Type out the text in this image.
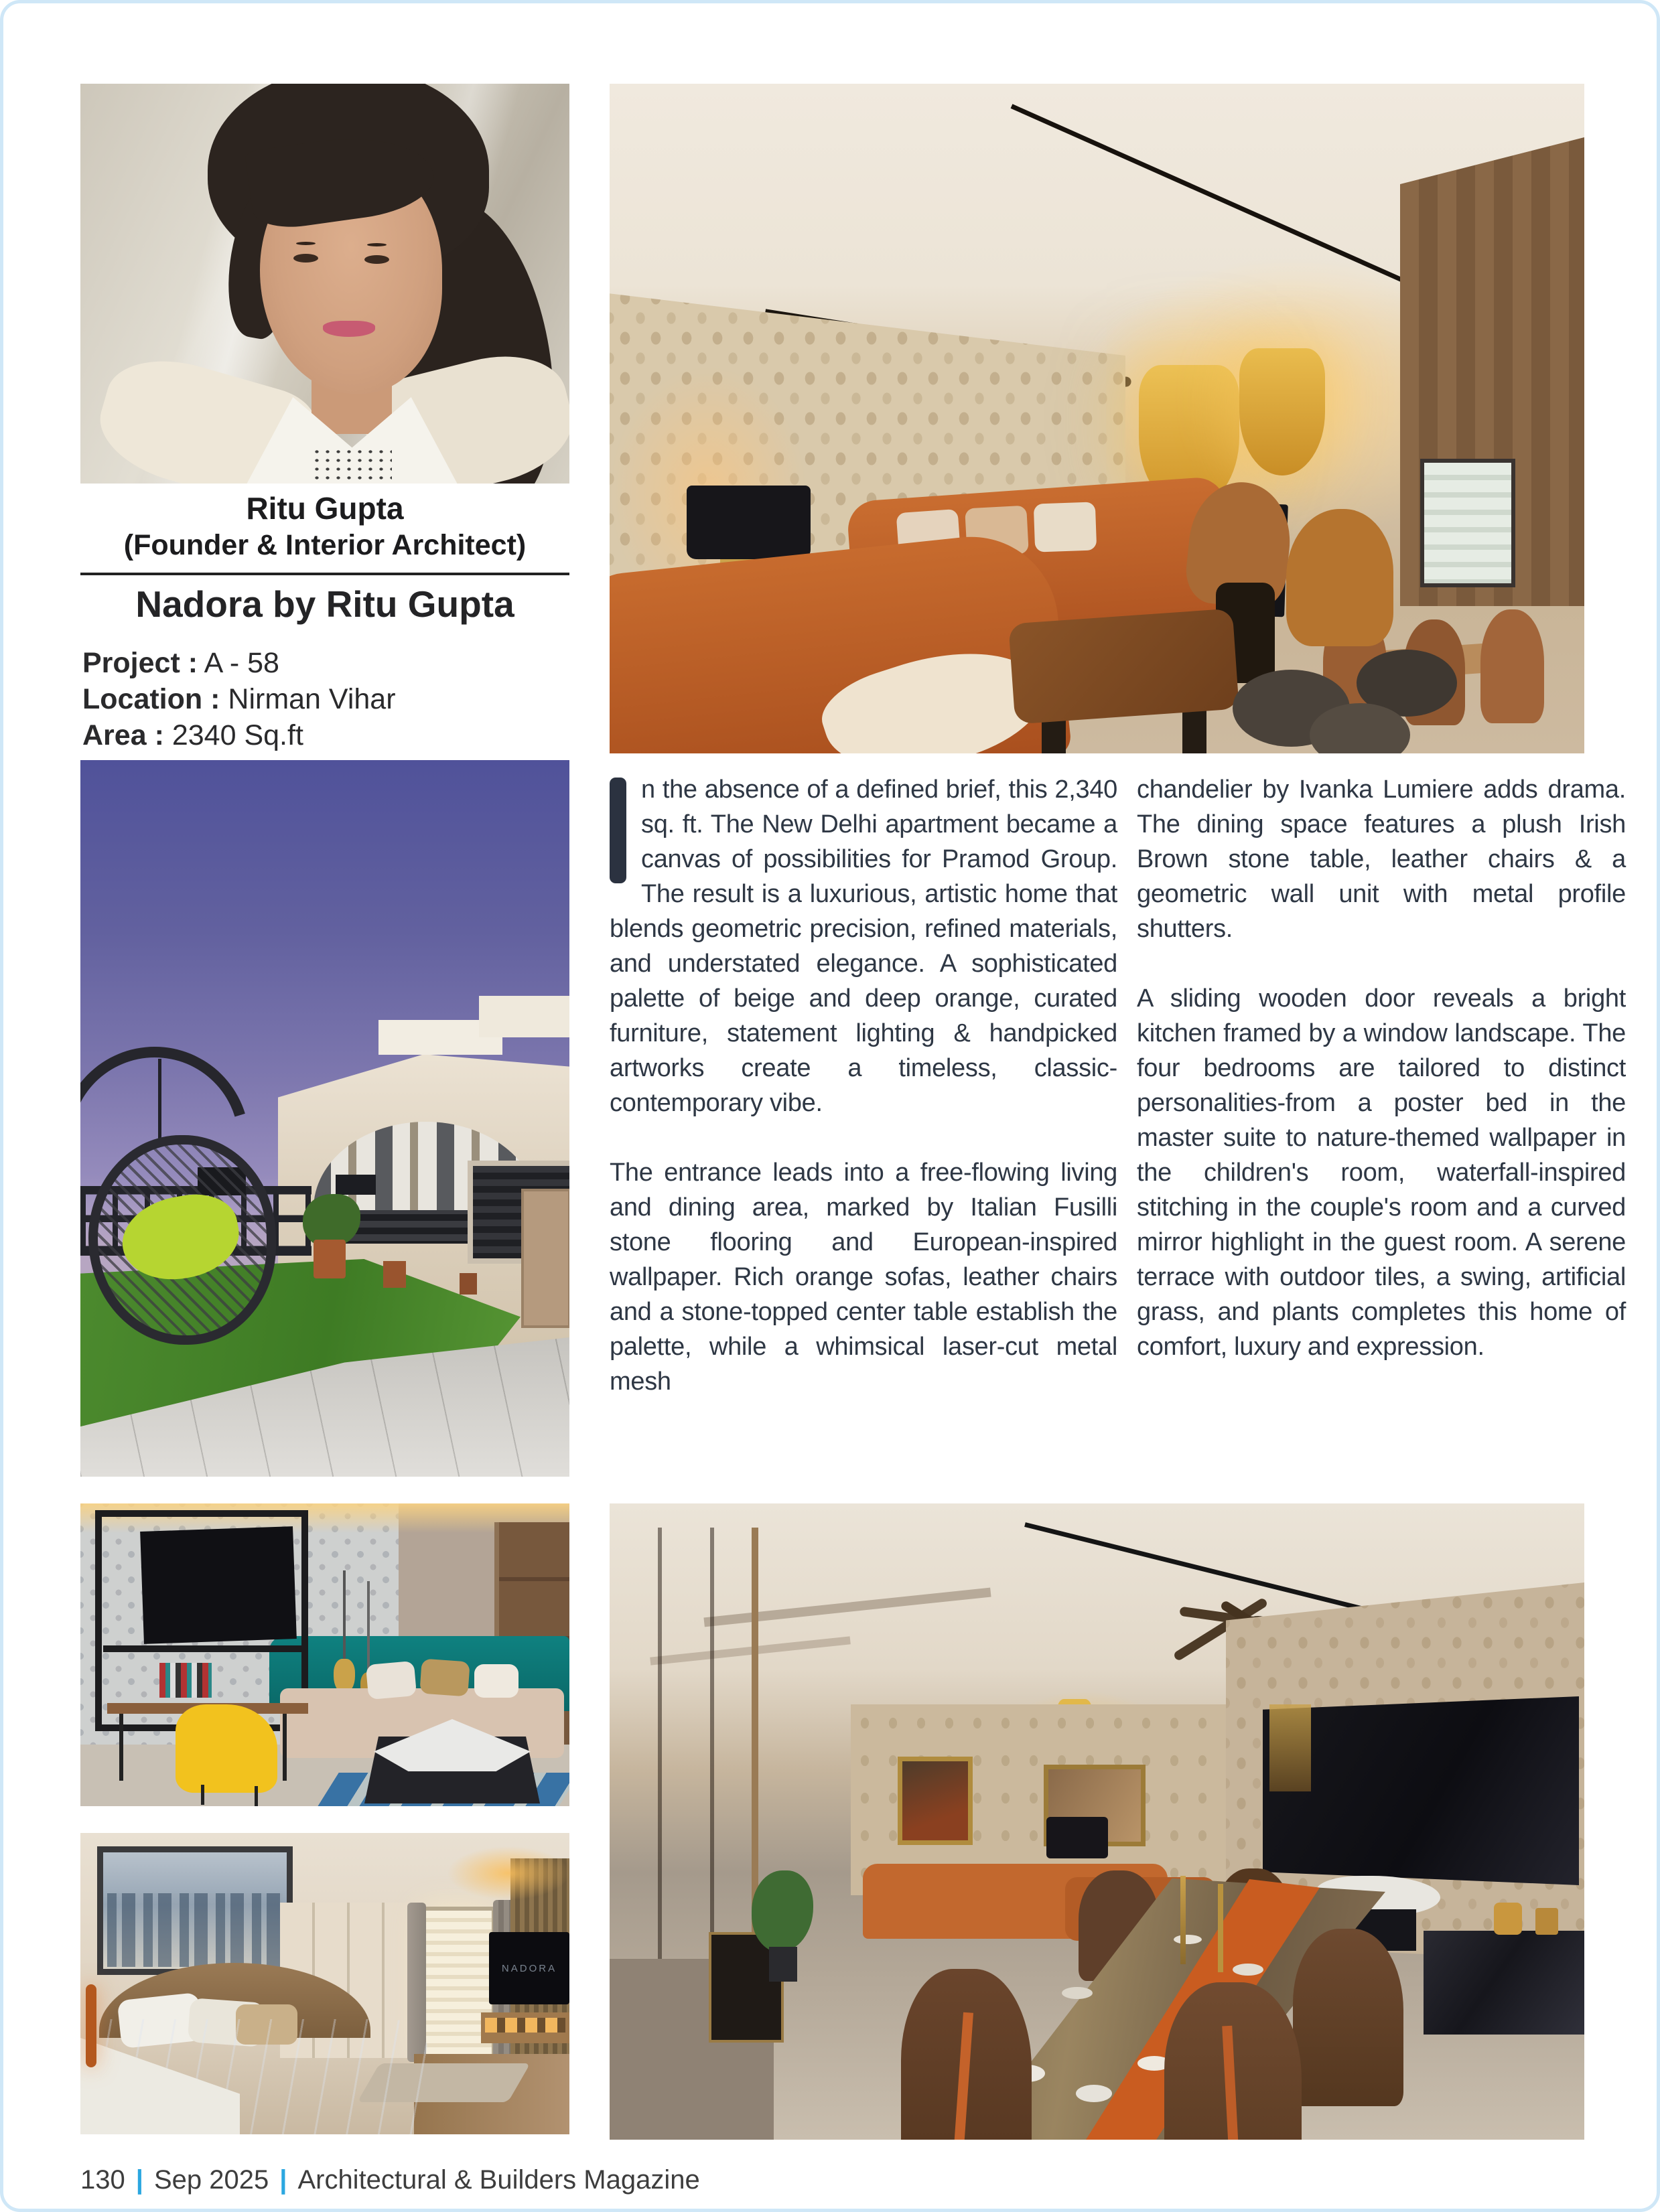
Ritu Gupta
(Founder & Interior Architect)
Nadora by Ritu Gupta
Project : A - 58
Location : Nirman Vihar
Area : 2340 Sq.ft

n the absence of a defined brief, this 2,340 sq. ft. The New Delhi apartment became a canvas of possibilities for Pramod Group. The result is a luxurious, artistic home that blends geometric precision, refined materials, and understated elegance. A sophisticated palette of beige and deep orange, curated furniture, statement lighting & handpicked artworks create a timeless, classic-contemporary vibe.

The entrance leads into a free-flowing living and dining area, marked by Italian Fusilli stone flooring and European-inspired wallpaper. Rich orange sofas, leather chairs and a stone-topped center table establish the palette, while a whimsical laser-cut metal mesh

chandelier by Ivanka Lumiere adds drama. The dining space features a plush Irish Brown stone table, leather chairs & a geometric wall unit with metal profile shutters.

A sliding wooden door reveals a bright kitchen framed by a window landscape. The four bedrooms are tailored to distinct personalities-from a poster bed in the master suite to nature-themed wallpaper in the children's room, waterfall-inspired stitching in the couple's room and a curved mirror highlight in the guest room. A serene terrace with outdoor tiles, a swing, artificial grass, and plants completes this home of comfort, luxury and expression.

NADORA
130 | Sep 2025 | Architectural & Builders Magazine
